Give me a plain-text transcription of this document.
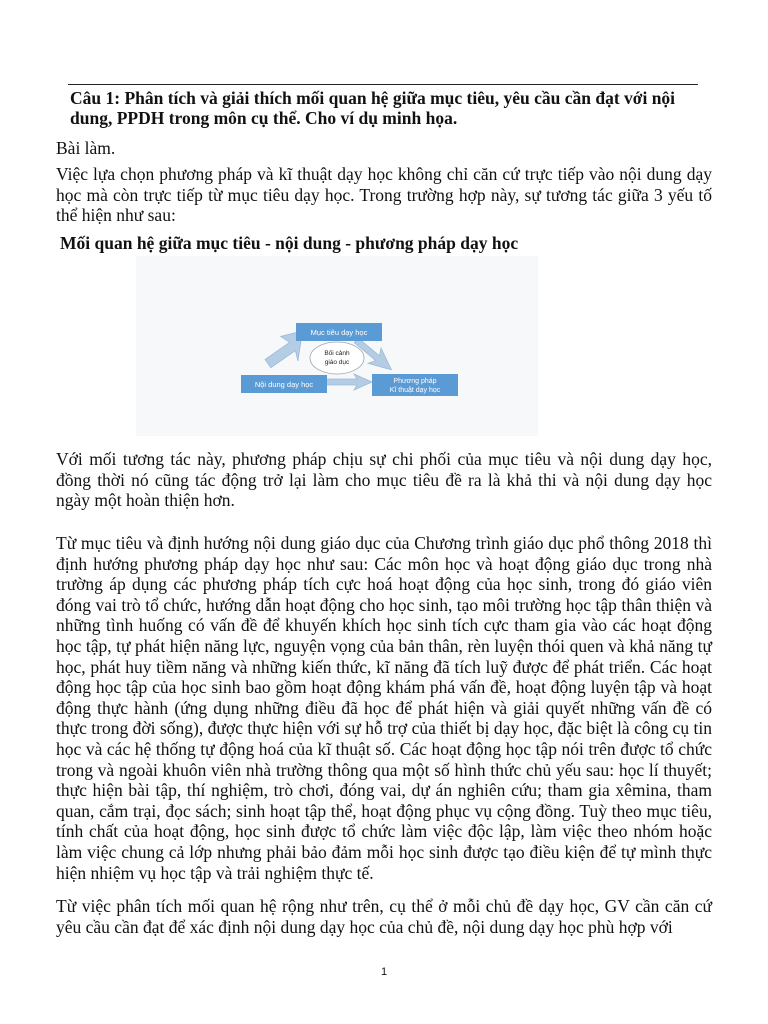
Câu 1: Phân tích và giải thích mối quan hệ giữa mục tiêu, yêu cầu cần đạt với nội dung, PPDH trong môn cụ thể. Cho ví dụ minh họa.
Bài làm.
Việc lựa chọn phương pháp và kĩ thuật dạy học không chỉ căn cứ trực tiếp vào nội dung dạy học mà còn trực tiếp từ mục tiêu dạy học. Trong trường hợp này, sự tương tác giữa 3 yếu tố thể hiện như sau:
Mối quan hệ giữa mục tiêu - nội dung - phương pháp dạy học
Mục tiêu dạy học
Bối cảnh
giáo dục
Nội dung dạy học	Phương pháp
Kĩ thuật dạy học
Với mối tương tác này, phương pháp chịu sự chi phối của mục tiêu và nội dung dạy học, đồng thời nó cũng tác động trở lại làm cho mục tiêu đề ra là khả thi và nội dung dạy học ngày một hoàn thiện hơn.
Từ mục tiêu và định hướng nội dung giáo dục của Chương trình giáo dục phổ thông 2018 thì định hướng phương pháp dạy học như sau: Các môn học và hoạt động giáo dục trong nhà trường áp dụng các phương pháp tích cực hoá hoạt động của học sinh, trong đó giáo viên đóng vai trò tổ chức, hướng dẫn hoạt động cho học sinh, tạo môi trường học tập thân thiện và những tình huống có vấn đề để khuyến khích học sinh tích cực tham gia vào các hoạt động học tập, tự phát hiện năng lực, nguyện vọng của bản thân, rèn luyện thói quen và khả năng tự học, phát huy tiềm năng và những kiến thức, kĩ năng đã tích luỹ được để phát triển. Các hoạt động học tập của học sinh bao gồm hoạt động khám phá vấn đề, hoạt động luyện tập và hoạt động thực hành (ứng dụng những điều đã học để phát hiện và giải quyết những vấn đề có thực trong đời sống), được thực hiện với sự hỗ trợ của thiết bị dạy học, đặc biệt là công cụ tin học và các hệ thống tự động hoá của kĩ thuật số. Các hoạt động học tập nói trên được tổ chức trong và ngoài khuôn viên nhà trường thông qua một số hình thức chủ yếu sau: học lí thuyết; thực hiện bài tập, thí nghiệm, trò chơi, đóng vai, dự án nghiên cứu; tham gia xêmina, tham quan, cắm trại, đọc sách; sinh hoạt tập thể, hoạt động phục vụ cộng đồng. Tuỳ theo mục tiêu, tính chất của hoạt động, học sinh được tổ chức làm việc độc lập, làm việc theo nhóm hoặc làm việc chung cả lớp nhưng phải bảo đảm mỗi học sinh được tạo điều kiện để tự mình thực hiện nhiệm vụ học tập và trải nghiệm thực tế.
Từ việc phân tích mối quan hệ rộng như trên, cụ thể ở mỗi chủ đề dạy học, GV cần căn cứ yêu cầu cần đạt để xác định nội dung dạy học của chủ đề, nội dung dạy học phù hợp với
1
